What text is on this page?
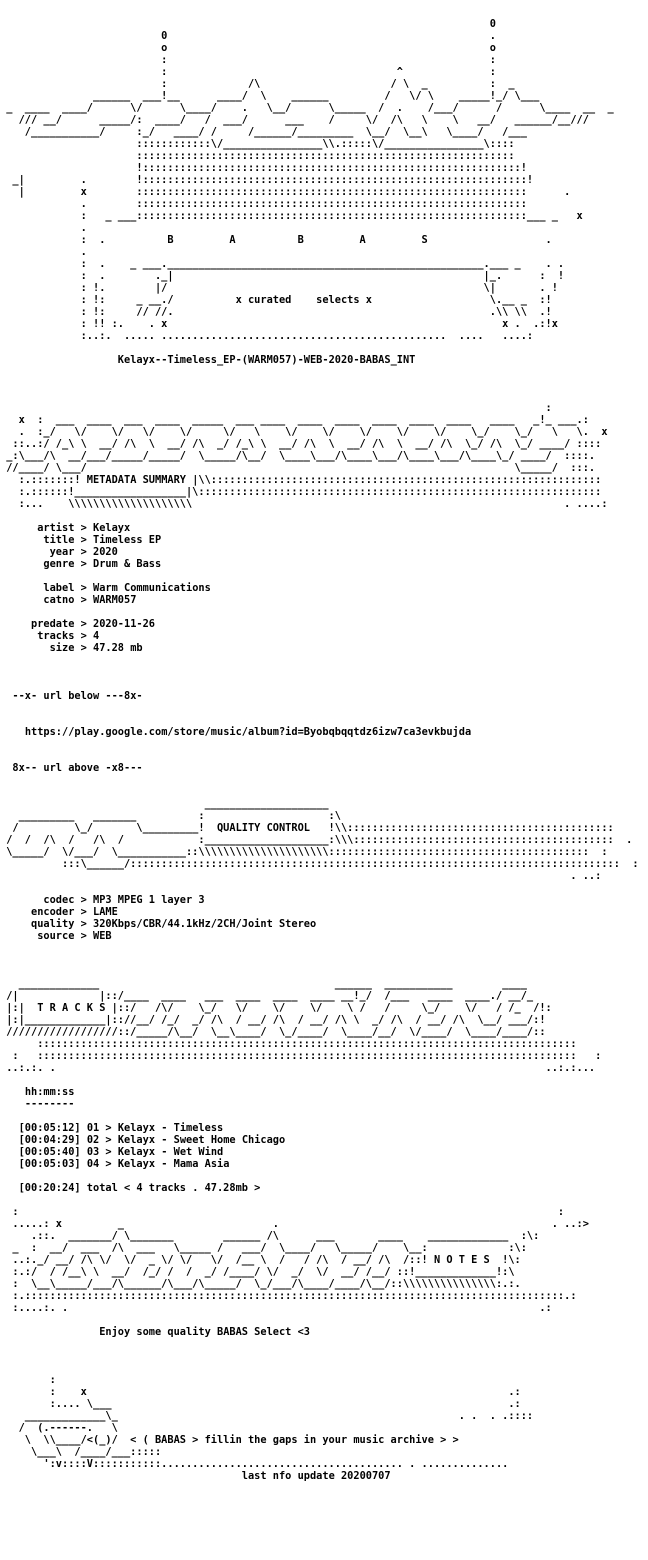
0
0                                                    .
o                                                    o
:                                                    :
:                                     ^              :
:             /\                     / \  _          :  _
______  ___!__      ____/  \    ______         /   \/ \    _____!_/ \___
_  ____  ____/      \/      \____/    .   \__/      \_____  /  .    /___/      /      \____  __  _
/// __/      _____/:  ____/   /  ___/      ___    /     \/  /\   \    \   __/   ______/__///
/___________/     :_/   ____/ /     /______/_________  \__/  \__\   \____/   /___
::::::::::::\/________________\\.:::::\/________________\::::
:::::::::::::::::::::::::::::::::::::::::::::::::::::::::::::

!:::::::::::::::::::::::::::::::::::::::::::::::::::::::::::::!
_|         .        !::::::::::::::::::::::::::::::::::::::::::::::::::::::::::::::!
|         x        :::::::::::::::::::::::::::::::::::::::::::::::::::::::::::::::      .
.        :::::::::::::::::::::::::::::::::::::::::::::::::::::::::::::::
:   _ ___:::::::::::::::::::::::::::::::::::::::::::::::::::::::::::::::___ _   x

.
:  .          B         A          B         A         S                   .
.
:  .    _ ___.___________________________________________________.___ _    . .
:  .        ._|                                                  |_.      :  !
: !.        |/                                                   \|       . !
: !:     _ __./          x curated    selects x                   \.__ _  :!
: !:     // //.                                                   .\\ \\  .!
: !! :.    . x                                                      x .  .:!x
:..:.  ..... ..............................................  ....   ....:

Kelayx--Timeless_EP-(WARM057)-WEB-2020-BABAS_INT

:
x  :  ___  ____  ___  ____  _____  ___ ____  ____  ____  ____  ____  ____   ____   _!_ ___.:
.  :_/   \/    \/   \/    \/     \/   \    \/    \/    \/    \/    \/    \_/    \_/   \   \.  x
::..:/ /_\ \  __/ /\  \  __/ /\  _/ /_\ \  __/ /\  \  __/ /\  \  __/ /\  \_/ /\  \_/ ____/ ::::
_:\___/\  __/___/_____/_____/  \_____/\__/  \____\___/\____\___/\____\___/\____\_/ ____/  ::::.
//____/ \___/                                                                     \_____/  :::.

:.:::::::! METADATA SUMMARY |\\:::::::::::::::::::::::::::::::::::::::::::::::::::::::::::::::
:.::::::!__________________|\:::::::::::::::::::::::::::::::::::::::::::::::::::::::::::::::::
:...    \\\\\\\\\\\\\\\\\\\\                                                            . ....:

artist > Kelayx
title > Timeless EP
year > 2020
genre > Drum & Bass

label > Warm Communications
catno > WARM057

predate > 2020-11-26
tracks > 4
size > 47.28 mb

--x- url below ---8x-

https://play.google.com/store/music/album?id=Byobqbqqtdz6izw7ca3evkbujda

8x-- url above -x8---

____________________
_________   _______          :                    :\
/         \_/       \_________!  QUALITY CONTROL   !\\:::::::::::::::::::::::::::::::::::::::::::
/  /  /\  /   /\  /            :____________________:\\\::::::::::::::::::::::::::::::::::::::::::  .
\_____/  \/___/  \___________::\\\\\\\\\\\\\\\\\\\\\::::::::::::::::::::::::::::::::::::::::::  :
:::\______/:::::::::::::::::::::::::::::::::::::::::::::::::::::::::::::::::::::::::::::::  :
. ..:

codec > MP3 MPEG 1 layer 3
encoder > LAME
quality > 320Kbps/CBR/44.1kHz/2CH/Joint Stereo
source > WEB

_____________                                      ______  ___________        ____
/|             |::/____  ____   ___  ____  ____  ____ __!_/  /___   ____  ____./ __/_
|:|  T R A C K S |::/   /\/    \_/   \/    \/    \/    \ /   /     \_/    \/   / /_  /!:
|:|_____________|:://__/ /_/  _/ /\  / __/ /\  / __/ /\ \  _/ /\  / __/ /\  \__/ ___/:!
//////////////////::/_____/\__/  \__\____/  \_/____/  \____/__/  \/____/  \____/____/::
:::::::::::::::::::::::::::::::::::::::::::::::::::::::::::::::::::::::::::::::::::::::
:   :::::::::::::::::::::::::::::::::::::::::::::::::::::::::::::::::::::::::::::::::::::::   :
..:.:. .                                                                               ..:.:...

hh:mm:ss
--------

[00:05:12] 01 > Kelayx - Timeless
[00:04:29] 02 > Kelayx - Sweet Home Chicago
[00:05:40] 03 > Kelayx - Wet Wind
[00:05:03] 04 > Kelayx - Mama Asia

[00:20:24] total < 4 tracks . 47.28mb >

:                                                                                       :
.....: x         _                        .                                            . ..:>
.::.  _______/ \_______        ______ /\      ___       ____    _____________  :\:
_  :  __/  ___  /\  ___   \_____ /   ___/  \____/   \_____/    \__:             :\:
..:._/ __/ /\ \/  \/  _ \/ \/   \/  /__ \  /   / /\  / __/ /\  /::! N O T E S  !\:
:.:/  / /__\ \  __/  /_/ /  /  _/ /____/ \/  _/  \/  __/ /__/ ::!_____________!:\
:  \__\_____/___/\______/\___/\_____/  \_/___/\____/____/\__/::\\\\\\\\\\\\\\\:.:.
:.:::::::::::::::::::::::::::::::::::::::::::::::::::::::::::::::::::::::::::::::::::::::.:
:....:. .                                                                            .:

Enjoy some quality BABAS Select <3

:
:    x                                                                    .:
:.... \___                                                                .:
_____________\_                                                       . .  . .::::
/  (.------.   \
\  \\____/<(_)/  < ( BABAS > fillin the gaps in your music archive > >
\___\  /____/___:::::
':v::::V:::::::::::....................................... . ..............

last nfo update 20200707
